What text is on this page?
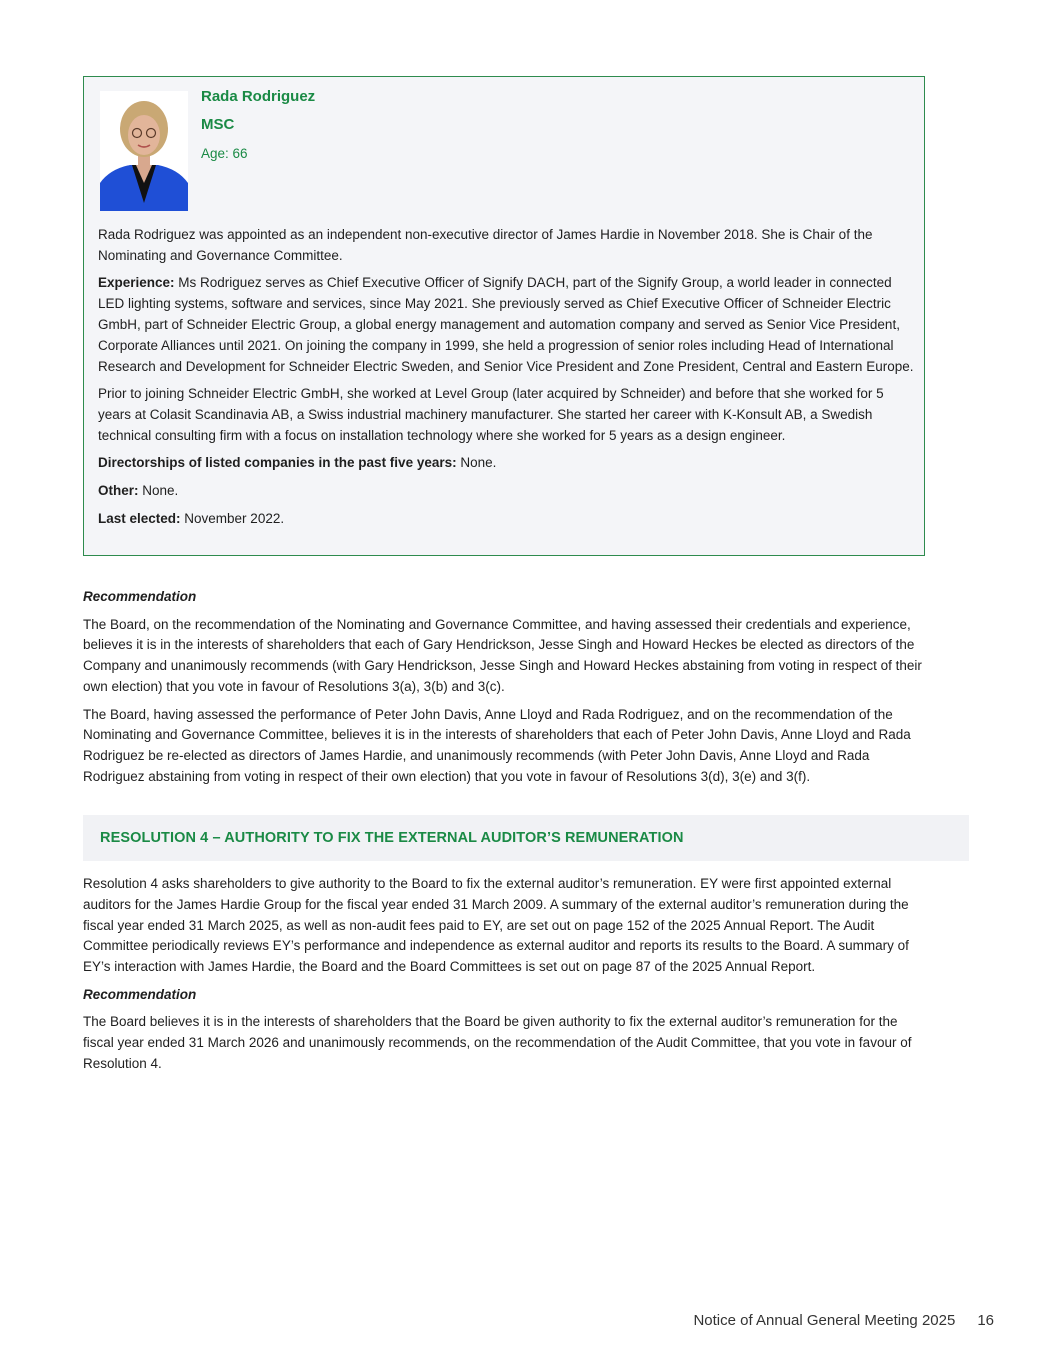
Rada Rodriguez
MSC
Age: 66

Rada Rodriguez was appointed as an independent non-executive director of James Hardie in November 2018. She is Chair of the Nominating and Governance Committee.

Experience: Ms Rodriguez serves as Chief Executive Officer of Signify DACH, part of the Signify Group, a world leader in connected LED lighting systems, software and services, since May 2021. She previously served as Chief Executive Officer of Schneider Electric GmbH, part of Schneider Electric Group, a global energy management and automation company and served as Senior Vice President, Corporate Alliances until 2021. On joining the company in 1999, she held a progression of senior roles including Head of International Research and Development for Schneider Electric Sweden, and Senior Vice President and Zone President, Central and Eastern Europe.

Prior to joining Schneider Electric GmbH, she worked at Level Group (later acquired by Schneider) and before that she worked for 5 years at Colasit Scandinavia AB, a Swiss industrial machinery manufacturer. She started her career with K-Konsult AB, a Swedish technical consulting firm with a focus on installation technology where she worked for 5 years as a design engineer.

Directorships of listed companies in the past five years: None.

Other: None.

Last elected: November 2022.

Recommendation

The Board, on the recommendation of the Nominating and Governance Committee, and having assessed their credentials and experience, believes it is in the interests of shareholders that each of Gary Hendrickson, Jesse Singh and Howard Heckes be elected as directors of the Company and unanimously recommends (with Gary Hendrickson, Jesse Singh and Howard Heckes abstaining from voting in respect of their own election) that you vote in favour of Resolutions 3(a), 3(b) and 3(c).

The Board, having assessed the performance of Peter John Davis, Anne Lloyd and Rada Rodriguez, and on the recommendation of the Nominating and Governance Committee, believes it is in the interests of shareholders that each of Peter John Davis, Anne Lloyd and Rada Rodriguez be re-elected as directors of James Hardie, and unanimously recommends (with Peter John Davis, Anne Lloyd and Rada Rodriguez abstaining from voting in respect of their own election) that you vote in favour of Resolutions 3(d), 3(e) and 3(f).

RESOLUTION 4 – AUTHORITY TO FIX THE EXTERNAL AUDITOR’S REMUNERATION

Resolution 4 asks shareholders to give authority to the Board to fix the external auditor’s remuneration. EY were first appointed external auditors for the James Hardie Group for the fiscal year ended 31 March 2009. A summary of the external auditor’s remuneration during the fiscal year ended 31 March 2025, as well as non-audit fees paid to EY, are set out on page 152 of the 2025 Annual Report. The Audit Committee periodically reviews EY’s performance and independence as external auditor and reports its results to the Board. A summary of EY’s interaction with James Hardie, the Board and the Board Committees is set out on page 87 of the 2025 Annual Report.

Recommendation

The Board believes it is in the interests of shareholders that the Board be given authority to fix the external auditor’s remuneration for the fiscal year ended 31 March 2026 and unanimously recommends, on the recommendation of the Audit Committee, that you vote in favour of Resolution 4.

Notice of Annual General Meeting 2025 16
